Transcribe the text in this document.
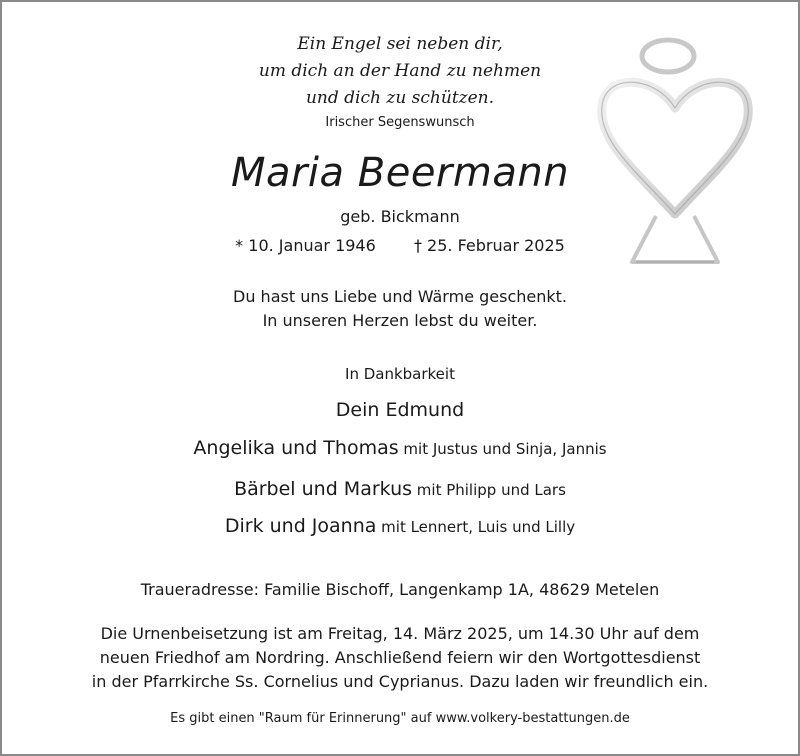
Ein Engel sei neben dir,
um dich an der Hand zu nehmen
und dich zu schützen.
Irischer Segenswunsch
Maria Beermann
geb. Bickmann
* 10. Januar 1946 † 25. Februar 2025
Du hast uns Liebe und Wärme geschenkt.
In unseren Herzen lebst du weiter.
In Dankbarkeit
Dein Edmund
Angelika und Thomas mit Justus und Sinja, Jannis
Bärbel und Markus mit Philipp und Lars
Dirk und Joanna mit Lennert, Luis und Lilly
Traueradresse: Familie Bischoff, Langenkamp 1A, 48629 Metelen
Die Urnenbeisetzung ist am Freitag, 14. März 2025, um 14.30 Uhr auf dem
neuen Friedhof am Nordring. Anschließend feiern wir den Wortgottesdienst
in der Pfarrkirche Ss. Cornelius und Cyprianus. Dazu laden wir freundlich ein.
Es gibt einen "Raum für Erinnerung" auf www.volkery-bestattungen.de
